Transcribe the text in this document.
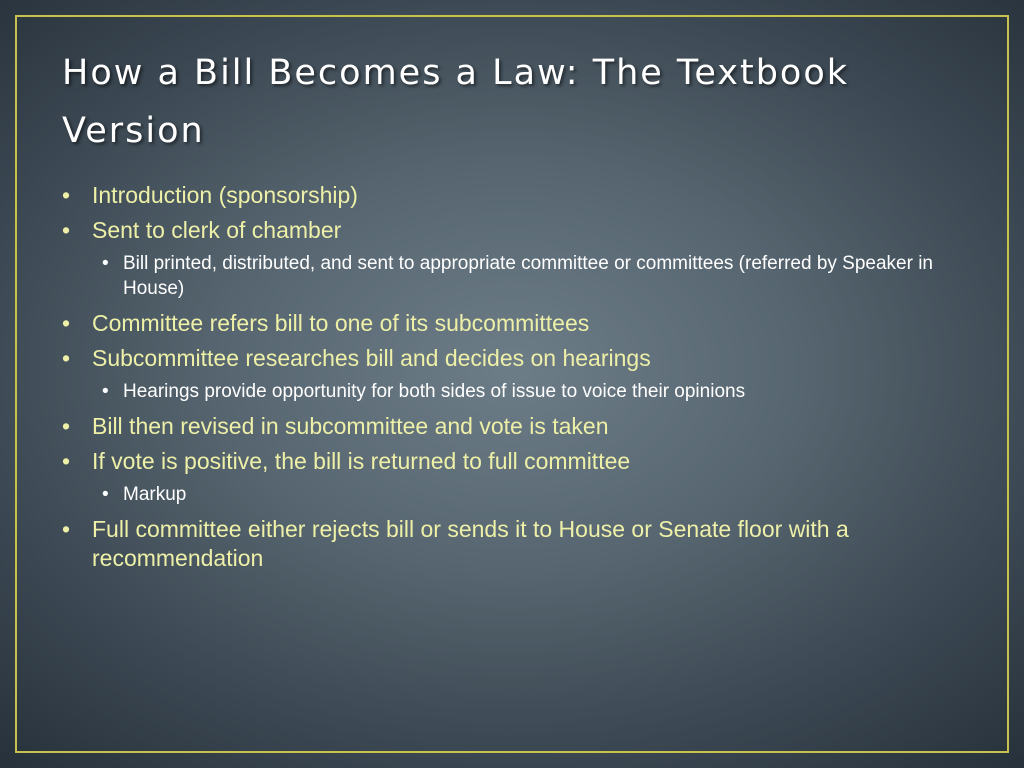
How a Bill Becomes a Law: The Textbook Version
• Introduction (sponsorship)
• Sent to clerk of chamber
• Bill printed, distributed, and sent to appropriate committee or committees (referred by Speaker in House)
• Committee refers bill to one of its subcommittees
• Subcommittee researches bill and decides on hearings
• Hearings provide opportunity for both sides of issue to voice their opinions
• Bill then revised in subcommittee and vote is taken
• If vote is positive, the bill is returned to full committee
• Markup
• Full committee either rejects bill or sends it to House or Senate floor with a recommendation
